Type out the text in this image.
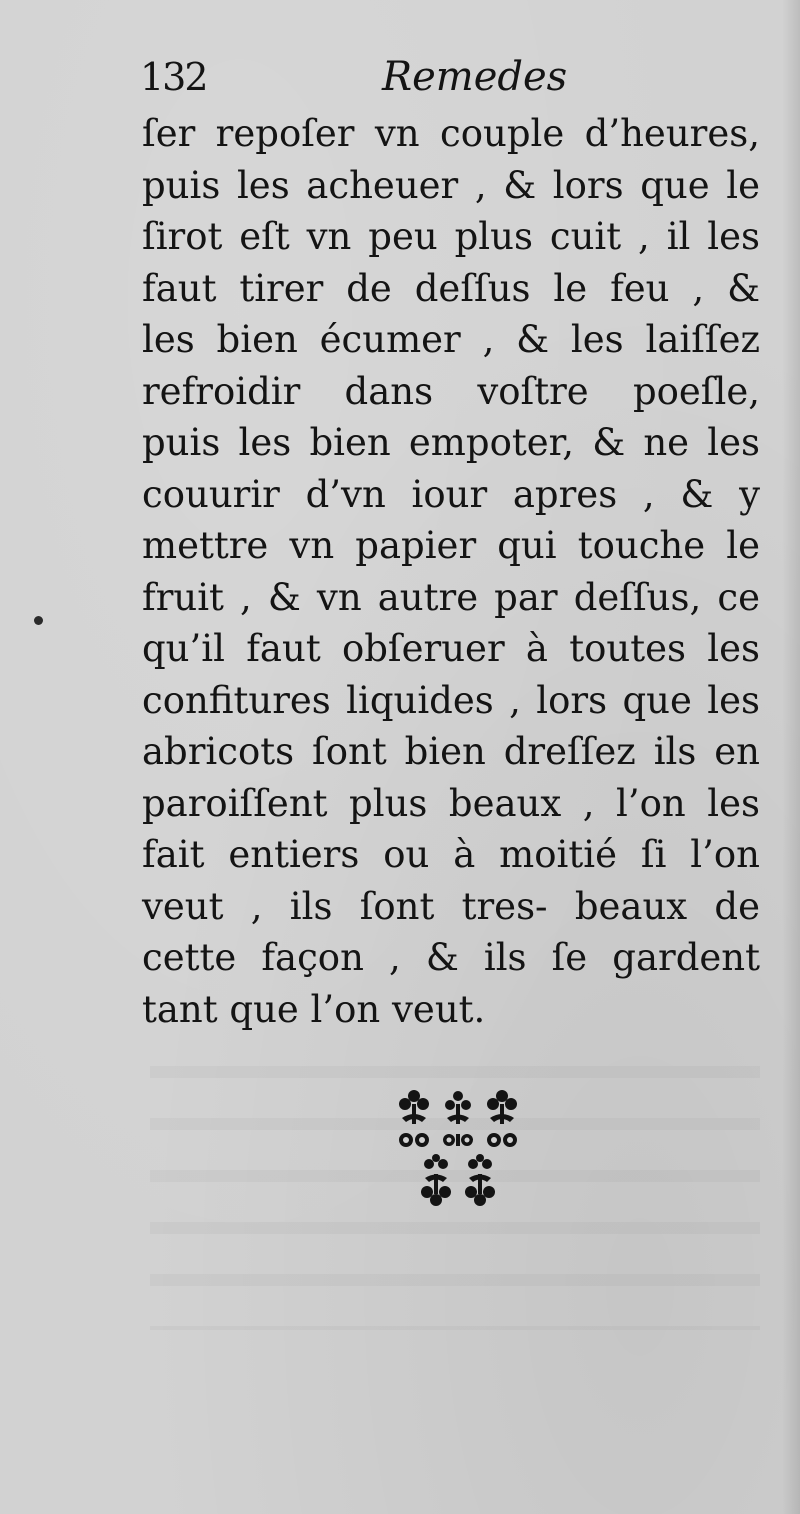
132	Remedes
ſer repoſer vn couple d’heures,
puis les acheuer , & lors que le
ſirot eſt vn peu plus cuit , il les
faut tirer de deſſus le feu , &
les bien écumer , & les laiſſez
refroidir dans voſtre poeſle,
puis les bien empoter, & ne les
couurir d’vn iour apres , & y
mettre vn papier qui touche le
fruit , & vn autre par deſſus, ce
qu’il faut obſeruer à toutes les
confitures liquides , lors que les
abricots ſont bien dreſſez ils en
paroiſſent plus beaux , l’on les
fait entiers ou à moitié ſi l’on
veut , ils ſont tres- beaux de
cette façon , & ils ſe gardent
tant que l’on veut.
